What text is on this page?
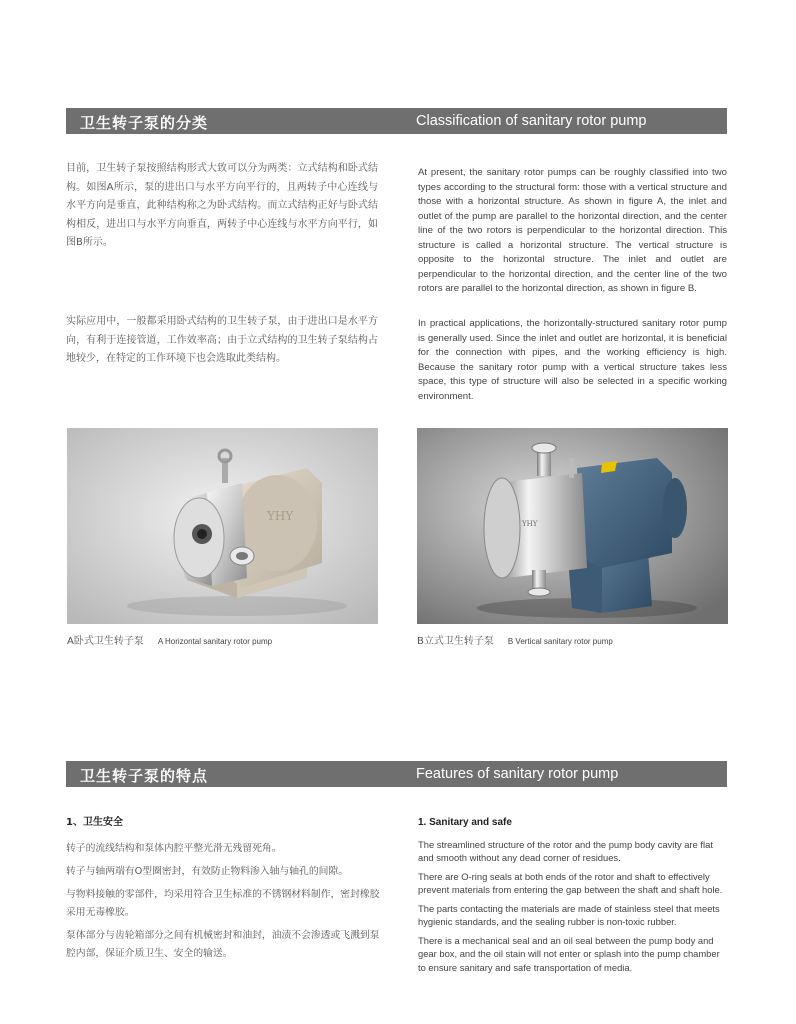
卫生转子泵的分类	Classification of sanitary rotor pump
目前，卫生转子泵按照结构形式大致可以分为两类：立式结构和卧式结构。如图A所示，泵的进出口与水平方向平行的，且两转子中心连线与水平方向是垂直，此种结构称之为卧式结构。而立式结构正好与卧式结构相反，进出口与水平方向垂直，两转子中心连线与水平方向平行，如图B所示。
At present, the sanitary rotor pumps can be roughly classified into two types according to the structural form: those with a vertical structure and those with a horizontal structure. As shown in figure A, the inlet and outlet of the pump are parallel to the horizontal direction, and the center line of the two rotors is perpendicular to the horizontal direction. This structure is called a horizontal structure. The vertical structure is opposite to the horizontal structure. The inlet and outlet are perpendicular to the horizontal direction, and the center line of the two rotors are parallel to the horizontal direction, as shown in figure B.
实际应用中，一般都采用卧式结构的卫生转子泵，由于进出口是水平方向，有利于连接管道，工作效率高；由于立式结构的卫生转子泵结构占地较少，在特定的工作环境下也会选取此类结构。
In practical applications, the horizontally-structured sanitary rotor pump is generally used. Since the inlet and outlet are horizontal, it is beneficial for the connection with pipes, and the working efficiency is high. Because the sanitary rotor pump with a vertical structure takes less space, this type of structure will also be selected in a specific working environment.
YHY
YHY
A卧式卫生转子泵 A Horizontal sanitary rotor pump	B立式卫生转子泵 B Vertical sanitary rotor pump
卫生转子泵的特点	Features of sanitary rotor pump

1、卫生安全

转子的流线结构和泵体内腔平整光滑无残留死角。

转子与轴两端有O型圈密封，有效防止物料渗入轴与轴孔的间隙。

与物料接触的零部件，均采用符合卫生标准的不锈钢材料制作，密封橡胶采用无毒橡胶。

泵体部分与齿轮箱部分之间有机械密封和油封，油渍不会渗透或飞溅到泵腔内部，保证介质卫生、安全的输送。

1. Sanitary and safe

The streamlined structure of the rotor and the pump body cavity are flat and smooth without any dead corner of residues.

There are O-ring seals at both ends of the rotor and shaft to effectively prevent materials from entering the gap between the shaft and shaft hole.

The parts contacting the materials are made of stainless steel that meets hygienic standards, and the sealing rubber is non-toxic rubber.

There is a mechanical seal and an oil seal between the pump body and gear box, and the oil stain will not enter or splash into the pump chamber to ensure sanitary and safe transportation of media.
